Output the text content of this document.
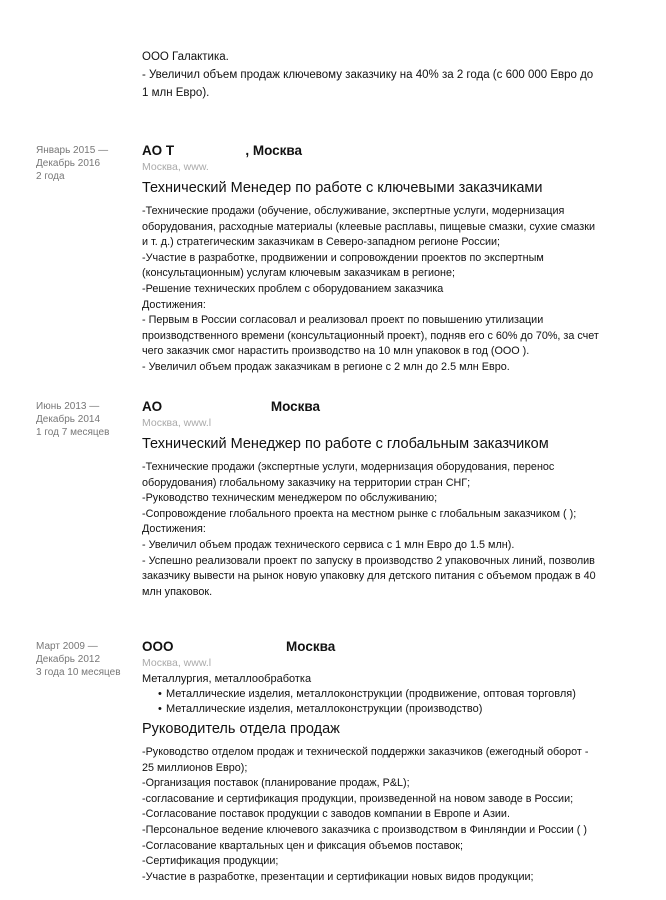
ООО Галактика.
- Увеличил объем продаж ключевому заказчику на 40% за 2 года (с 600 000 Евро до 1 млн Евро).
Январь 2015 —
Декабрь 2016
2 года
АО Т                   , Москва
Москва, www.
Технический Менедер по работе с ключевыми заказчиками
-Технические продажи (обучение, обслуживание, экспертные услуги, модернизация оборудования, расходные материалы (клеевые расплавы, пищевые смазки, сухие смазки и т. д.) стратегическим заказчикам в Северо-западном регионе России;
-Участие в разработке, продвижении и сопровождении проектов по экспертным (консультационным) услугам ключевым заказчикам в регионе;
-Решение технических проблем с оборудованием заказчика
Достижения:
- Первым в России согласовал и реализовал проект по повышению утилизации производственного времени (консультационный проект), подняв его с 60% до 70%, за счет чего заказчик смог нарастить производство на 10 млн упаковок в год (ООО ).
- Увеличил объем продаж заказчикам в регионе с 2 млн до 2.5 млн Евро.
Июнь 2013 —
Декабрь 2014
1 год 7 месяцев
АО                             Москва
Москва, www.l
Технический Менеджер по работе с глобальным заказчиком
-Технические продажи (экспертные услуги, модернизация оборудования, перенос оборудования) глобальному заказчику на территории стран СНГ;
-Руководство техническим менеджером по обслуживанию;
-Сопровождение глобального проекта на местном рынке с глобальным заказчиком ( );
Достижения:
- Увеличил объем продаж технического сервиса с 1 млн Евро до 1.5 млн).
- Успешно реализовали проект по запуску в производство 2 упаковочных линий, позволив заказчику вывести на рынок новую упаковку для детского питания с объемом продаж в 40 млн упаковок.
Март 2009 —
Декабрь 2012
3 года 10 месяцев
ООО                              Москва
Москва, www.l
Металлургия, металлообработка
• Металлические изделия, металлоконструкции (продвижение, оптовая торговля)
• Металлические изделия, металлоконструкции (производство)
Руководитель отдела продаж
-Руководство отделом продаж и технической поддержки заказчиков (ежегодный оборот - 25 миллионов Евро);
-Организация поставок (планирование продаж, P&L);
-согласование и сертификация продукции, произведенной на новом заводе в России;
-Согласование поставок продукции с заводов компании в Европе и Азии.
-Персональное ведение ключевого заказчика с производством в Финляндии и России ( )
-Согласование квартальных цен и фиксация объемов поставок;
-Сертификация продукции;
-Участие в разработке, презентации и сертификации новых видов продукции;
